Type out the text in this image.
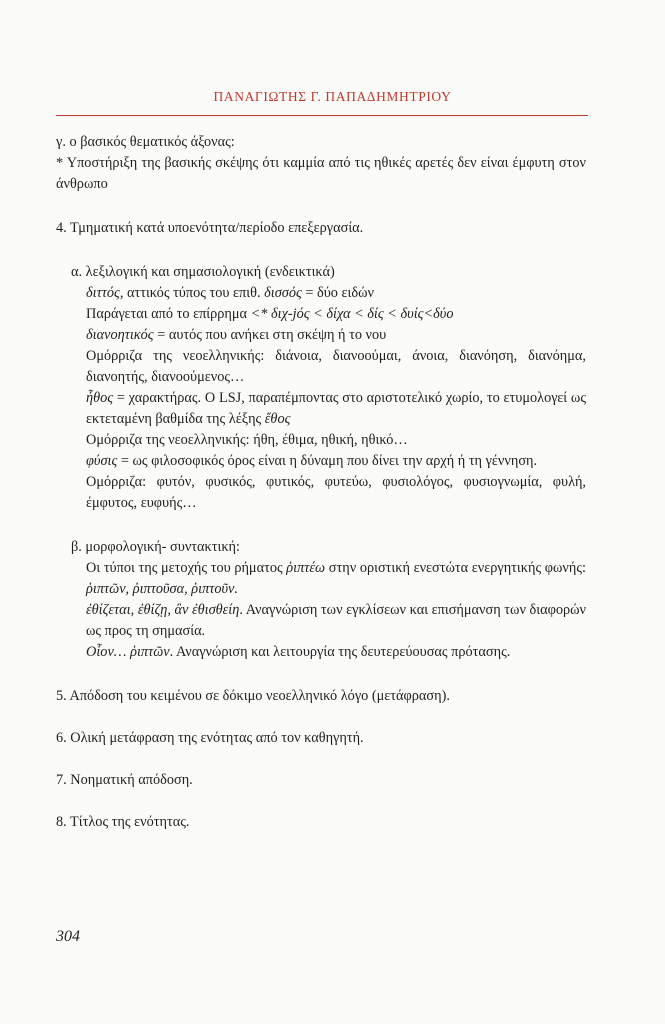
ΠΑΝΑΓΙΩΤΗΣ Γ. ΠΑΠΑΔΗΜΗΤΡΙΟΥ

γ. ο βασικός θεματικός άξονας:

* Υποστήριξη της βασικής σκέψης ότι καμμία από τις ηθικές αρετές δεν είναι έμφυτη στον άνθρωπο

4. Τμηματική κατά υποενότητα/περίοδο επεξεργασία.

α. λεξιλογική και σημασιολογική (ενδεικτικά)

διττός, αττικός τύπος του επιθ. δισσός = δύο ειδών

Παράγεται από το επίρρημα <* διχ-jός < δίχα < δίς < δυίς<δύο

διανοητικός = αυτός που ανήκει στη σκέψη ή το νου

Ομόρριζα της νεοελληνικής: διάνοια, διανοούμαι, άνοια, διανόηση, διανόημα, διανοητής, διανοούμενος…

ἦθος = χαρακτήρας. Ο LSJ, παραπέμποντας στο αριστοτελικό χωρίο, το ετυμολογεί ως εκτεταμένη βαθμίδα της λέξης ἔθος

Ομόρριζα της νεοελληνικής: ήθη, έθιμα, ηθική, ηθικό…

φύσις = ως φιλοσοφικός όρος είναι η δύναμη που δίνει την αρχή ή τη γέννηση.

Ομόρριζα: φυτόν, φυσικός, φυτικός, φυτεύω, φυσιολόγος, φυσιογνωμία, φυλή, έμφυτος, ευφυής…

β. μορφολογική- συντακτική:

Οι τύποι της μετοχής του ρήματος ῥιπτέω στην οριστική ενεστώτα ενεργητικής φωνής: ῥιπτῶν, ῥιπτοῦσα, ῥιπτοῦν.

ἐθίζεται, ἐθίζῃ, ἂν ἐθισθείη. Αναγνώριση των εγκλίσεων και επισήμανση των διαφορών ως προς τη σημασία.

Οἷον… ῥιπτῶν. Αναγνώριση και λειτουργία της δευτερεύουσας πρότασης.

5. Απόδοση του κειμένου σε δόκιμο νεοελληνικό λόγο (μετάφραση).

6. Ολική μετάφραση της ενότητας από τον καθηγητή.

7. Νοηματική απόδοση.

8. Τίτλος της ενότητας.

304
